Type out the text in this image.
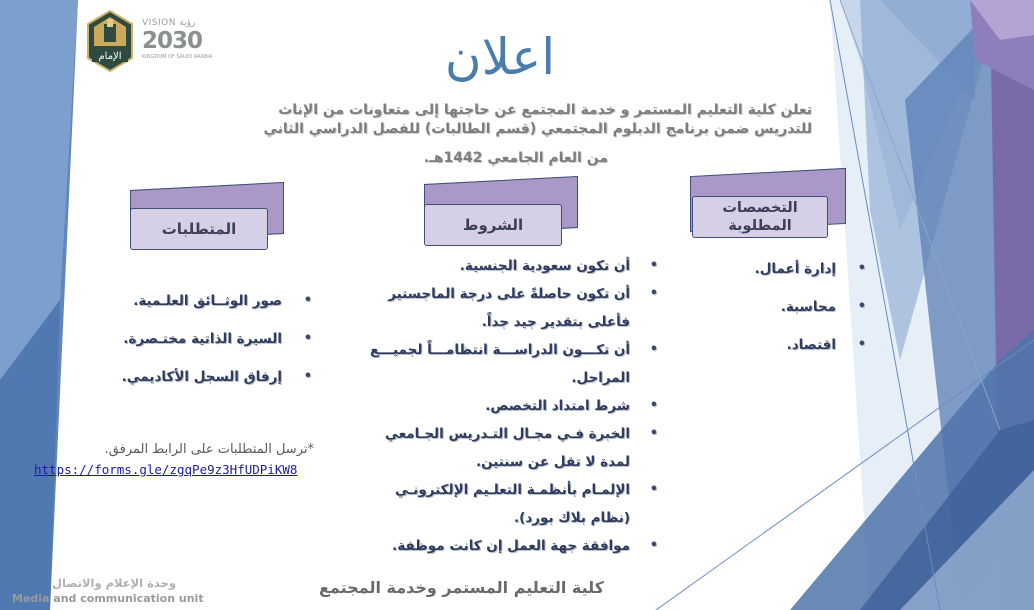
الإمام
VISION رؤية
2030
KINGDOM OF SAUDI ARABIA	اعلان
تعلن كلية التعليم المستمر و خدمة المجتمع عن حاجتها إلى متعاونات من الإناث
للتدريس ضمن برنامج الدبلوم المجتمعي (قسم الطالبات) للفصل الدراسي الثاني
من العام الجامعي 1442هـ.
التخصصات المطلوبة
الشروط
المتطلبات
•
إدارة أعمال.
•
محاسبة.
•
اقتصاد.
•
أن تكون سعودية الجنسية.
•
أن تكون حاصلةً على درجة الماجستير
فأعلى بتقدير جيد جداً.
•
أن تكـــون الدراســـة انتظامـــاً لجميـــع
المراحل.
•
شرط امتداد التخصص.
•
الخبرة فـي مجـال التـدريس الجـامعي
لمدة لا تقل عن سنتين.
•
الإلمـام بأنظمـة التعلـيم الإلكترونـي
(نظام بلاك بورد).
•
موافقة جهة العمل إن كانت موظفة.
•
صور الوثــائق العلـمية.
•
السيرة الذاتية مختـصرة.
•
إرفاق السجل الأكاديمي.
*ترسل المتطلبات على الرابط المرفق.
https://forms.gle/zgqPe9z3HfUDPiKW8
وحدة الإعلام والاتصال
Media and communication unit
كلية التعليم المستمر وخدمة المجتمع
